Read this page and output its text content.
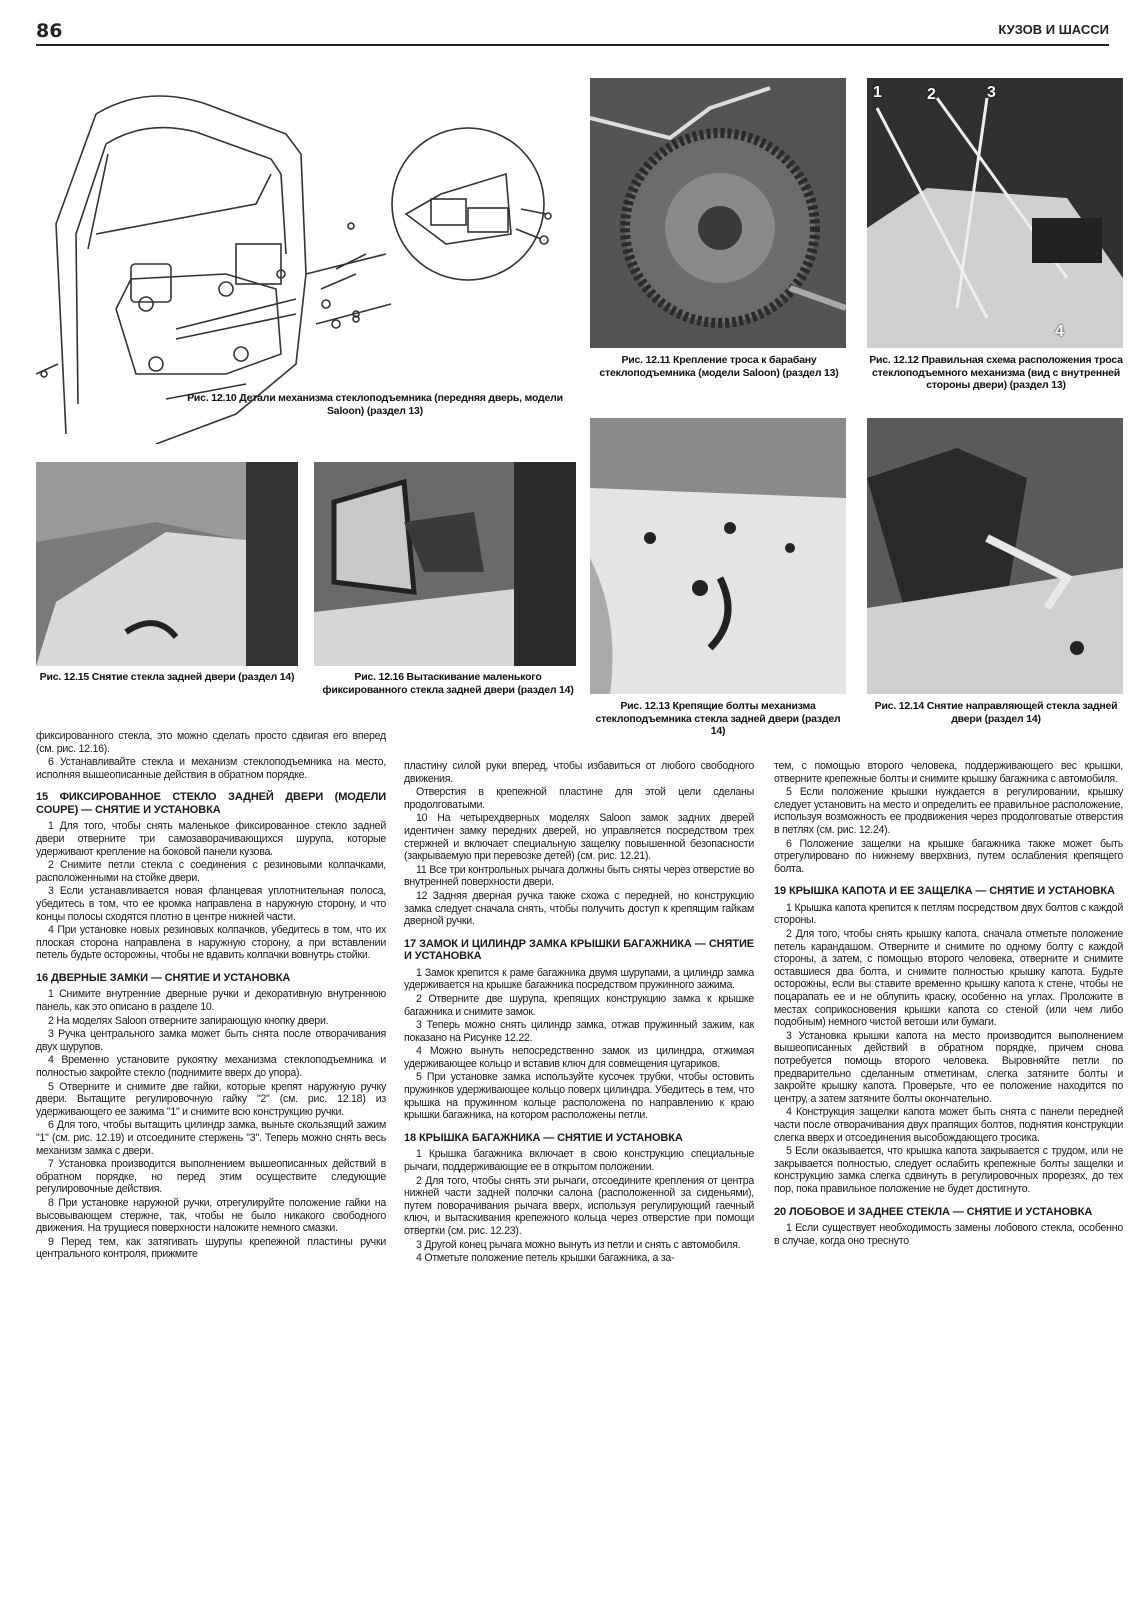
86	КУЗОВ И ШАССИ
Рис. 12.10 Детали механизма стеклоподъемника (передняя дверь, модели Saloon) (раздел 13)
Рис. 12.11 Крепление троса к барабану стеклоподъемника (модели Saloon) (раздел 13)
1	2	3
4
Рис. 12.12 Правильная схема расположения троса стеклоподъемного механизма (вид с внутренней стороны двери) (раздел 13)
Рис. 12.15 Снятие стекла задней двери (раздел 14)	Рис. 12.16 Вытаскивание маленького фиксированного стекла задней двери (раздел 14)
Рис. 12.13 Крепящие болты механизма стеклоподъемника стекла задней двери (раздел 14)
Рис. 12.14 Снятие направляющей стекла задней двери (раздел 14)

фиксированного стекла, это можно сделать просто сдвигая его вперед (см. рис. 12.16).

6 Устанавливайте стекла и механизм стеклоподъемника на место, исполняя вышеописанные действия в обратном порядке.

15 ФИКСИРОВАННОЕ СТЕКЛО ЗАДНЕЙ ДВЕРИ (МОДЕЛИ COUPE) — СНЯТИЕ И УСТАНОВКА

1 Для того, чтобы снять маленькое фиксированное стекло задней двери отверните три самозаворачивающихся шурупа, которые удерживают крепление на боковой панели кузова.

2 Снимите петли стекла с соединения с резиновыми колпачками, расположенными на стойке двери.

3 Если устанавливается новая фланцевая уплотнительная полоса, убедитесь в том, что ее кромка направлена в наружную сторону, и что концы полосы сходятся плотно в центре нижней части.

4 При установке новых резиновых колпачков, убедитесь в том, что их плоская сторона направлена в наружную сторону, а при вставлении петель будьте осторожны, чтобы не вдавить колпачки вовнутрь стойки.

16 ДВЕРНЫЕ ЗАМКИ — СНЯТИЕ И УСТАНОВКА

1 Снимите внутренние дверные ручки и декоративную внутреннюю панель, как это описано в разделе 10.

2 На моделях Saloon отверните запирающую кнопку двери.

3 Ручка центрального замка может быть снята после отворачивания двух шурупов.

4 Временно установите рукоятку механизма стеклоподъемника и полностью закройте стекло (поднимите вверх до упора).

5 Отверните и снимите две гайки, которые крепят наружную ручку двери. Вытащите регулировочную гайку "2" (см. рис. 12.18) из удерживающего ее зажима "1" и снимите всю конструкцию ручки.

6 Для того, чтобы вытащить цилиндр замка, выньте скользящий зажим "1" (см. рис. 12.19) и отсоедините стержень "3". Теперь можно снять весь механизм замка с двери.

7 Установка производится выполнением вышеописанных действий в обратном порядке, но перед этим осуществите следующие регулировочные действия.

8 При установке наружной ручки, отрегулируйте положение гайки на высовывающем стержне, так, чтобы не было никакого свободного движения. На трущиеся поверхности наложите немного смазки.

9 Перед тем, как затягивать шурупы крепежной пластины ручки центрального контроля, прижмите

пластину силой руки вперед, чтобы избавиться от любого свободного движения.

Отверстия в крепежной пластине для этой цели сделаны продолговатыми.

10 На четырехдверных моделях Saloon замок задних дверей идентичен замку передних дверей, но управляется посредством трех стержней и включает специальную защелку повышенной безопасности (закрываемую при перевозке детей) (см. рис. 12.21).

11 Все три контрольных рычага должны быть сняты через отверстие во внутренней поверхности двери.

12 Задняя дверная ручка также схожа с передней, но конструкцию замка следует сначала снять, чтобы получить доступ к крепящим гайкам дверной ручки.

17 ЗАМОК И ЦИЛИНДР ЗАМКА КРЫШКИ БАГАЖНИКА — СНЯТИЕ И УСТАНОВКА

1 Замок крепится к раме багажника двумя шурупами, а цилиндр замка удерживается на крышке багажника посредством пружинного зажима.

2 Отверните две шурупа, крепящих конструкцию замка к крышке багажника и снимите замок.

3 Теперь можно снять цилиндр замка, отжав пружинный зажим, как показано на Рисунке 12.22.

4 Можно вынуть непосредственно замок из цилиндра, отжимая удерживающее кольцо и вставив ключ для совмещения цугариков.

5 При установке замка используйте кусочек трубки, чтобы остовить пружинков удерживающее кольцо поверх цилиндра. Убедитесь в тем, что крышка на пружинном кольце расположена по направлению к краю крышки багажника, на котором расположены петли.

18 КРЫШКА БАГАЖНИКА — СНЯТИЕ И УСТАНОВКА

1 Крышка багажника включает в свою конструкцию специальные рычаги, поддерживающие ее в открытом положении.

2 Для того, чтобы снять эти рычаги, отсоедините крепления от центра нижней части задней полочки салона (расположенной за сиденьями), путем поворачивания рычага вверх, используя регулирующий гаечный ключ, и вытаскивания крепежного кольца через отверстие при помощи отвертки (см. рис. 12.23).

3 Другой конец рычага можно вынуть из петли и снять с автомобиля.

4 Отметьте положение петель крышки багажника, а за-

тем, с помощью второго человека, поддерживающего вес крышки, отверните крепежные болты и снимите крышку багажника с автомобиля.

5 Если положение крышки нуждается в регулировании, крышку следует установить на место и определить ее правильное расположение, используя возможность ее продвижения через продолговатые отверстия в петлях (см. рис. 12.24).

6 Положение защелки на крышке багажника также может быть отрегулировано по нижнему вверхвниз, путем ослабления крепящего болта.

19 КРЫШКА КАПОТА И ЕЕ ЗАЩЕЛКА — СНЯТИЕ И УСТАНОВКА

1 Крышка капота крепится к петлям посредством двух болтов с каждой стороны.

2 Для того, чтобы снять крышку капота, сначала отметьте положение петель карандашом. Отверните и снимите по одному болту с каждой стороны, а затем, с помощью второго человека, отверните и снимите оставшиеся два болта, и снимите полностью крышку капота. Будьте осторожны, если вы ставите временно крышку капота к стене, чтобы не поцарапать ее и не облупить краску, особенно на углах. Проложите в местах соприкосновения крышки капота со стеной (или чем либо подобным) немного чистой ветоши или бумаги.

3 Установка крышки капота на место производится выполнением вышеописанных действий в обратном порядке, причем снова потребуется помощь второго человека. Выровняйте петли по предварительно сделанным отметинам, слегка затяните болты и закройте крышку капота. Проверьте, что ее положение находится по центру, а затем затяните болты окончательно.

4 Конструкция защелки капота может быть снята с панели передней части после отворачивания двух прапящих болтов, поднятия конструкции слегка вверх и отсоединения высобождающего тросика.

5 Если оказывается, что крышка капота закрывается с трудом, или не закрывается полностью, следует ослабить крепежные болты защелки и конструкцию замка слегка сдвинуть в регулировочных прорезях, до тех пор, пока правильное положение не будет достигнуто.

20 ЛОБОВОЕ И ЗАДНЕЕ СТЕКЛА — СНЯТИЕ И УСТАНОВКА

1 Если существует необходимость замены лобового стекла, особенно в случае, когда оно треснуто
